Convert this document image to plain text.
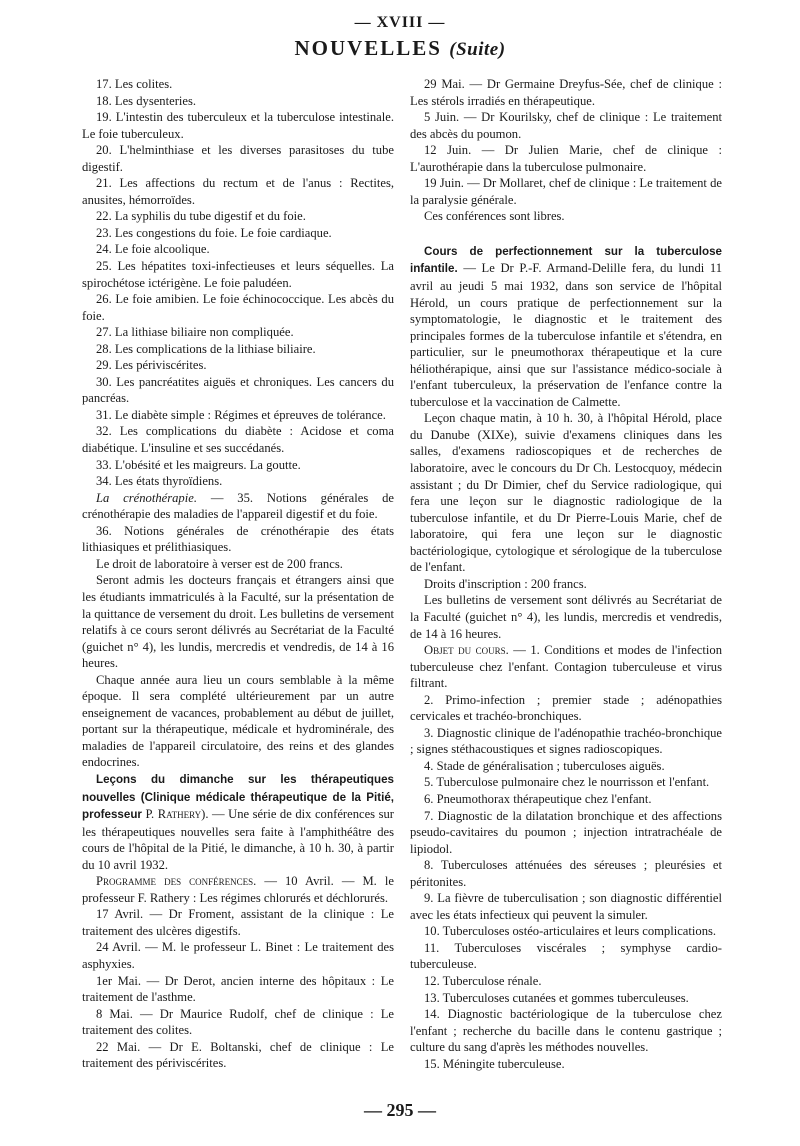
— XVIII —
NOUVELLES (Suite)

17. Les colites.

18. Les dysenteries.

19. L'intestin des tuberculeux et la tuberculose intestinale. Le foie tuberculeux.

20. L'helminthiase et les diverses parasitoses du tube digestif.

21. Les affections du rectum et de l'anus : Rectites, anusites, hémorroïdes.

22. La syphilis du tube digestif et du foie.

23. Les congestions du foie. Le foie cardiaque.

24. Le foie alcoolique.

25. Les hépatites toxi-infectieuses et leurs séquelles. La spirochétose ictérigène. Le foie paludéen.

26. Le foie amibien. Le foie échinococcique. Les abcès du foie.

27. La lithiase biliaire non compliquée.

28. Les complications de la lithiase biliaire.

29. Les périviscérites.

30. Les pancréatites aiguës et chroniques. Les cancers du pancréas.

31. Le diabète simple : Régimes et épreuves de tolérance.

32. Les complications du diabète : Acidose et coma diabétique. L'insuline et ses succédanés.

33. L'obésité et les maigreurs. La goutte.

34. Les états thyroïdiens.

La crénothérapie. — 35. Notions générales de crénothérapie des maladies de l'appareil digestif et du foie.

36. Notions générales de crénothérapie des états lithiasiques et prélithiasiques.

Le droit de laboratoire à verser est de 200 francs.

Seront admis les docteurs français et étrangers ainsi que les étudiants immatriculés à la Faculté, sur la présentation de la quittance de versement du droit. Les bulletins de versement relatifs à ce cours seront délivrés au Secrétariat de la Faculté (guichet n° 4), les lundis, mercredis et vendredis, de 14 à 16 heures.

Chaque année aura lieu un cours semblable à la même époque. Il sera complété ultérieurement par un autre enseignement de vacances, probablement au début de juillet, portant sur la thérapeutique, médicale et hydrominérale, des maladies de l'appareil circulatoire, des reins et des glandes endocrines.

Leçons du dimanche sur les thérapeutiques nouvelles (Clinique médicale thérapeutique de la Pitié, professeur P. Rathery). — Une série de dix conférences sur les thérapeutiques nouvelles sera faite à l'amphithéâtre des cours de l'hôpital de la Pitié, le dimanche, à 10 h. 30, à partir du 10 avril 1932.

Programme des conférences. — 10 Avril. — M. le professeur F. Rathery : Les régimes chlorurés et déchlorurés.

17 Avril. — Dr Froment, assistant de la clinique : Le traitement des ulcères digestifs.

24 Avril. — M. le professeur L. Binet : Le traitement des asphyxies.

1er Mai. — Dr Derot, ancien interne des hôpitaux : Le traitement de l'asthme.

8 Mai. — Dr Maurice Rudolf, chef de clinique : Le traitement des colites.

22 Mai. — Dr E. Boltanski, chef de clinique : Le traitement des périviscérites.

29 Mai. — Dr Germaine Dreyfus-Sée, chef de clinique : Les stérols irradiés en thérapeutique.

5 Juin. — Dr Kourilsky, chef de clinique : Le traitement des abcès du poumon.

12 Juin. — Dr Julien Marie, chef de clinique : L'aurothérapie dans la tuberculose pulmonaire.

19 Juin. — Dr Mollaret, chef de clinique : Le traitement de la paralysie générale.

Ces conférences sont libres.

Cours de perfectionnement sur la tuberculose infantile. — Le Dr P.-F. Armand-Delille fera, du lundi 11 avril au jeudi 5 mai 1932, dans son service de l'hôpital Hérold, un cours pratique de perfectionnement sur la symptomatologie, le diagnostic et le traitement des principales formes de la tuberculose infantile et s'étendra, en particulier, sur le pneumothorax thérapeutique et la cure héliothérapique, ainsi que sur l'assistance médico-sociale à l'enfant tuberculeux, la préservation de l'enfance contre la tuberculose et la vaccination de Calmette.

Leçon chaque matin, à 10 h. 30, à l'hôpital Hérold, place du Danube (XIXe), suivie d'examens cliniques dans les salles, d'examens radioscopiques et de recherches de laboratoire, avec le concours du Dr Ch. Lestocquoy, médecin assistant ; du Dr Dimier, chef du Service radiologique, qui fera une leçon sur le diagnostic radiologique de la tuberculose infantile, et du Dr Pierre-Louis Marie, chef de laboratoire, qui fera une leçon sur le diagnostic bactériologique, cytologique et sérologique de la tuberculose de l'enfant.

Droits d'inscription : 200 francs.

Les bulletins de versement sont délivrés au Secrétariat de la Faculté (guichet n° 4), les lundis, mercredis et vendredis, de 14 à 16 heures.

Objet du cours. — 1. Conditions et modes de l'infection tuberculeuse chez l'enfant. Contagion tuberculeuse et virus filtrant.

2. Primo-infection ; premier stade ; adénopathies cervicales et trachéo-bronchiques.

3. Diagnostic clinique de l'adénopathie trachéo-bronchique ; signes stéthacoustiques et signes radioscopiques.

4. Stade de généralisation ; tuberculoses aiguës.

5. Tuberculose pulmonaire chez le nourrisson et l'enfant.

6. Pneumothorax thérapeutique chez l'enfant.

7. Diagnostic de la dilatation bronchique et des affections pseudo-cavitaires du poumon ; injection intratrachéale de lipiodol.

8. Tuberculoses atténuées des séreuses ; pleurésies et péritonites.

9. La fièvre de tuberculisation ; son diagnostic différentiel avec les états infectieux qui peuvent la simuler.

10. Tuberculoses ostéo-articulaires et leurs complications.

11. Tuberculoses viscérales ; symphyse cardio-tuberculeuse.

12. Tuberculose rénale.

13. Tuberculoses cutanées et gommes tuberculeuses.

14. Diagnostic bactériologique de la tuberculose chez l'enfant ; recherche du bacille dans le contenu gastrique ; culture du sang d'après les méthodes nouvelles.

15. Méningite tuberculeuse.

— 295 —
